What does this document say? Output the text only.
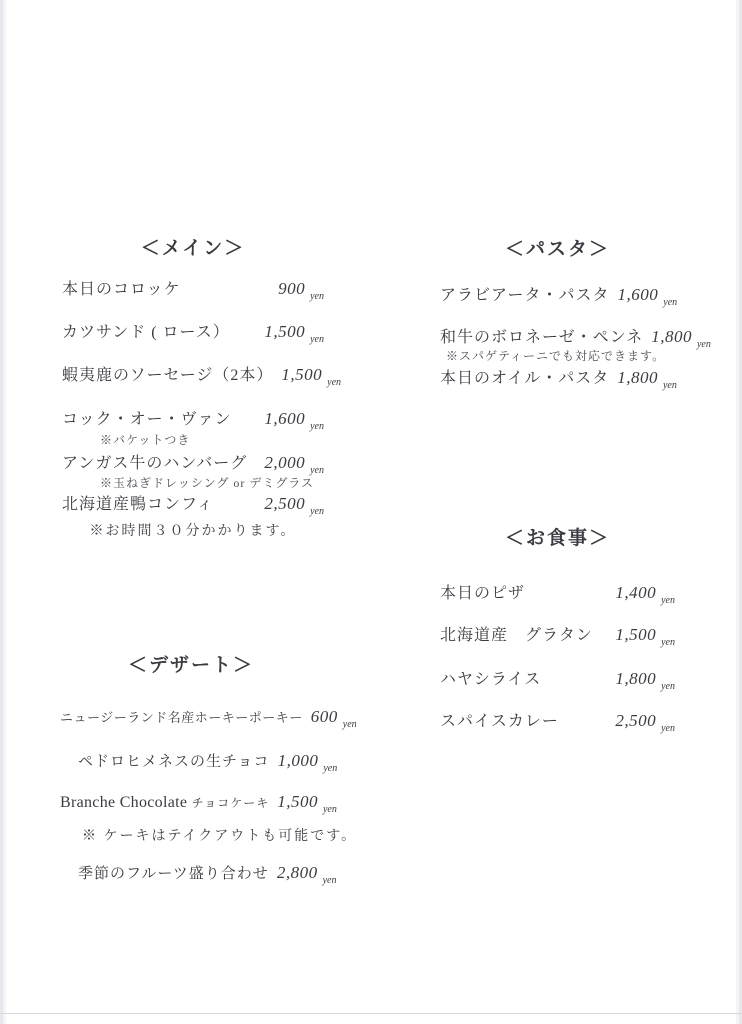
＜メイン＞
本日のコロッケ	900 $_{yen}$
カツサンド ( ロース） 1,500 $_{yen}$
蝦夷鹿のソーセージ（2本） 1,500 $_{yen}$
コック・オー・ヴァン 1,600 $_{yen}$
※バケットつき
アンガス牛のハンバーグ 2,000 $_{yen}$
※玉ねぎドレッシング or デミグラス
北海道産鴨コンフィ	2,500 $_{yen}$
※お時間３０分かかります。
＜パスタ＞
アラビアータ・パスタ 1,600 $_{yen}$
和牛のボロネーゼ・ペンネ 1,800 $_{yen}$
※スパゲティーニでも対応できます。
本日のオイル・パスタ 1,800 $_{yen}$
＜お食事＞
本日のピザ	1,400 $_{yen}$
北海道産　グラタン 1,500 $_{yen}$
ハヤシライス	1,800 $_{yen}$
スパイスカレー	2,500 $_{yen}$
＜デザート＞
ニュージーランド名産ホーキーポーキー 600 $_{yen}$
ペドロヒメネスの生チョコ 1,000 $_{yen}$
Branche Chocolate チョコケーキ 1,500 $_{yen}$
※ ケーキはテイクアウトも可能です。
季節のフルーツ盛り合わせ 2,800 $_{yen}$
